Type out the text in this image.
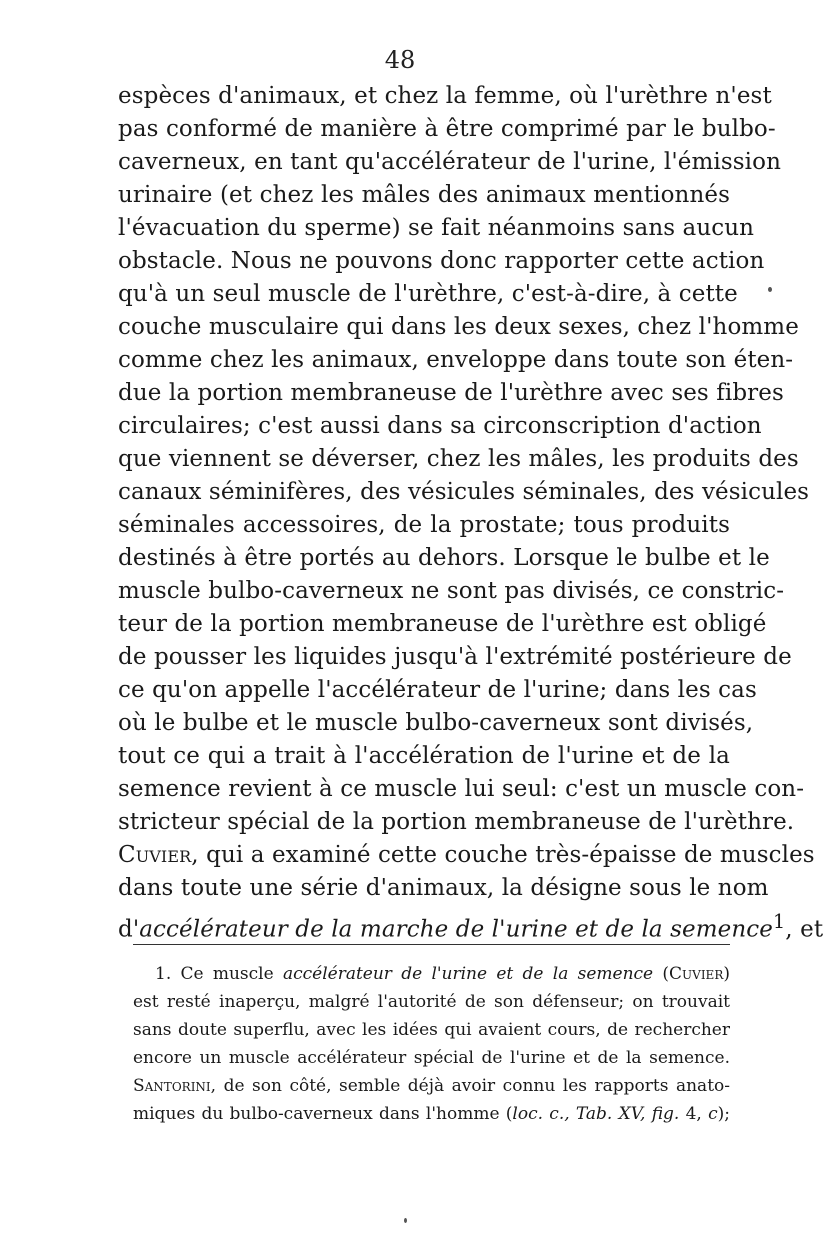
48
espèces d'animaux, et chez la femme, où l'urèthre n'est
pas conformé de manière à être comprimé par le bulbo-
caverneux, en tant qu'accélérateur de l'urine, l'émission
urinaire (et chez les mâles des animaux mentionnés
l'évacuation du sperme) se fait néanmoins sans aucun
obstacle. Nous ne pouvons donc rapporter cette action
qu'à un seul muscle de l'urèthre, c'est-à-dire, à cette
couche musculaire qui dans les deux sexes, chez l'homme
comme chez les animaux, enveloppe dans toute son éten-
due la portion membraneuse de l'urèthre avec ses fibres
circulaires; c'est aussi dans sa circonscription d'action
que viennent se déverser, chez les mâles, les produits des
canaux séminifères, des vésicules séminales, des vésicules
séminales accessoires, de la prostate; tous produits
destinés à être portés au dehors. Lorsque le bulbe et le
muscle bulbo-caverneux ne sont pas divisés, ce constric-
teur de la portion membraneuse de l'urèthre est obligé
de pousser les liquides jusqu'à l'extrémité postérieure de
ce qu'on appelle l'accélérateur de l'urine; dans les cas
où le bulbe et le muscle bulbo-caverneux sont divisés,
tout ce qui a trait à l'accélération de l'urine et de la
semence revient à ce muscle lui seul: c'est un muscle con-
stricteur spécial de la portion membraneuse de l'urèthre.
Cuvier, qui a examiné cette couche très-épaisse de muscles
dans toute une série d'animaux, la désigne sous le nom
d'accélérateur de la marche de l'urine et de la semence$^1$, et
1. Ce muscle accélérateur de l'urine et de la semence (Cuvier)
est resté inaperçu, malgré l'autorité de son défenseur; on trouvait
sans doute superflu, avec les idées qui avaient cours, de rechercher
encore un muscle accélérateur spécial de l'urine et de la semence.
Santorini, de son côté, semble déjà avoir connu les rapports anato-
miques du bulbo-caverneux dans l'homme (loc. c., Tab. XV, fig. 4, c);
